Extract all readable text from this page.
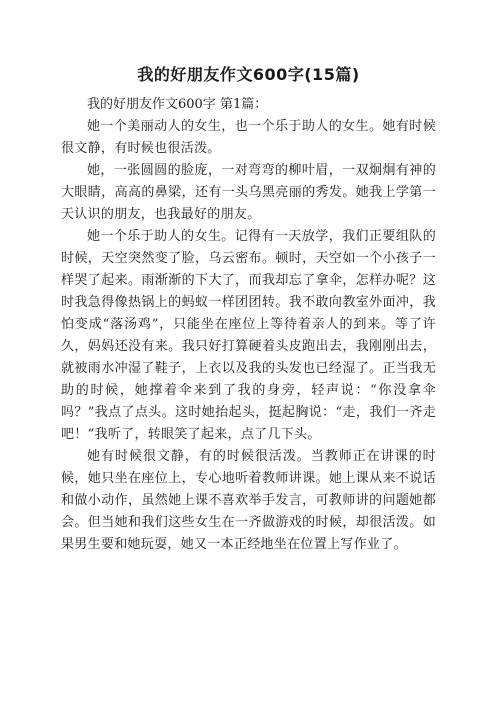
我的好朋友作文600字(15篇)

我的好朋友作文600字 第1篇：

她一个美丽动人的女生，也一个乐于助人的女生。她有时候很文静，有时候也很活泼。

她，一张圆圆的脸庞，一对弯弯的柳叶眉，一双炯炯有神的大眼睛，高高的鼻梁，还有一头乌黑亮丽的秀发。她我上学第一天认识的朋友，也我最好的朋友。

她一个乐于助人的女生。记得有一天放学，我们正要组队的时候，天空突然变了脸，乌云密布。顿时，天空如一个小孩子一样哭了起来。雨渐渐的下大了，而我却忘了拿伞，怎样办呢？这时我急得像热锅上的蚂蚁一样团团转。我不敢向教室外面冲，我怕变成“落汤鸡”，只能坐在座位上等待着亲人的到来。等了许久，妈妈还没有来。我只好打算硬着头皮跑出去，我刚刚出去，就被雨水冲湿了鞋子，上衣以及我的头发也已经湿了。正当我无助的时候，她撑着伞来到了我的身旁，轻声说：“你没拿伞吗？”我点了点头。这时她抬起头，挺起胸说：“走，我们一齐走吧！”我听了，转眼笑了起来，点了几下头。

她有时候很文静，有的时候很活泼。当教师正在讲课的时候，她只坐在座位上，专心地听着教师讲课。她上课从来不说话和做小动作，虽然她上课不喜欢举手发言，可教师讲的问题她都会。但当她和我们这些女生在一齐做游戏的时候，却很活泼。如果男生要和她玩耍，她又一本正经地坐在位置上写作业了。
